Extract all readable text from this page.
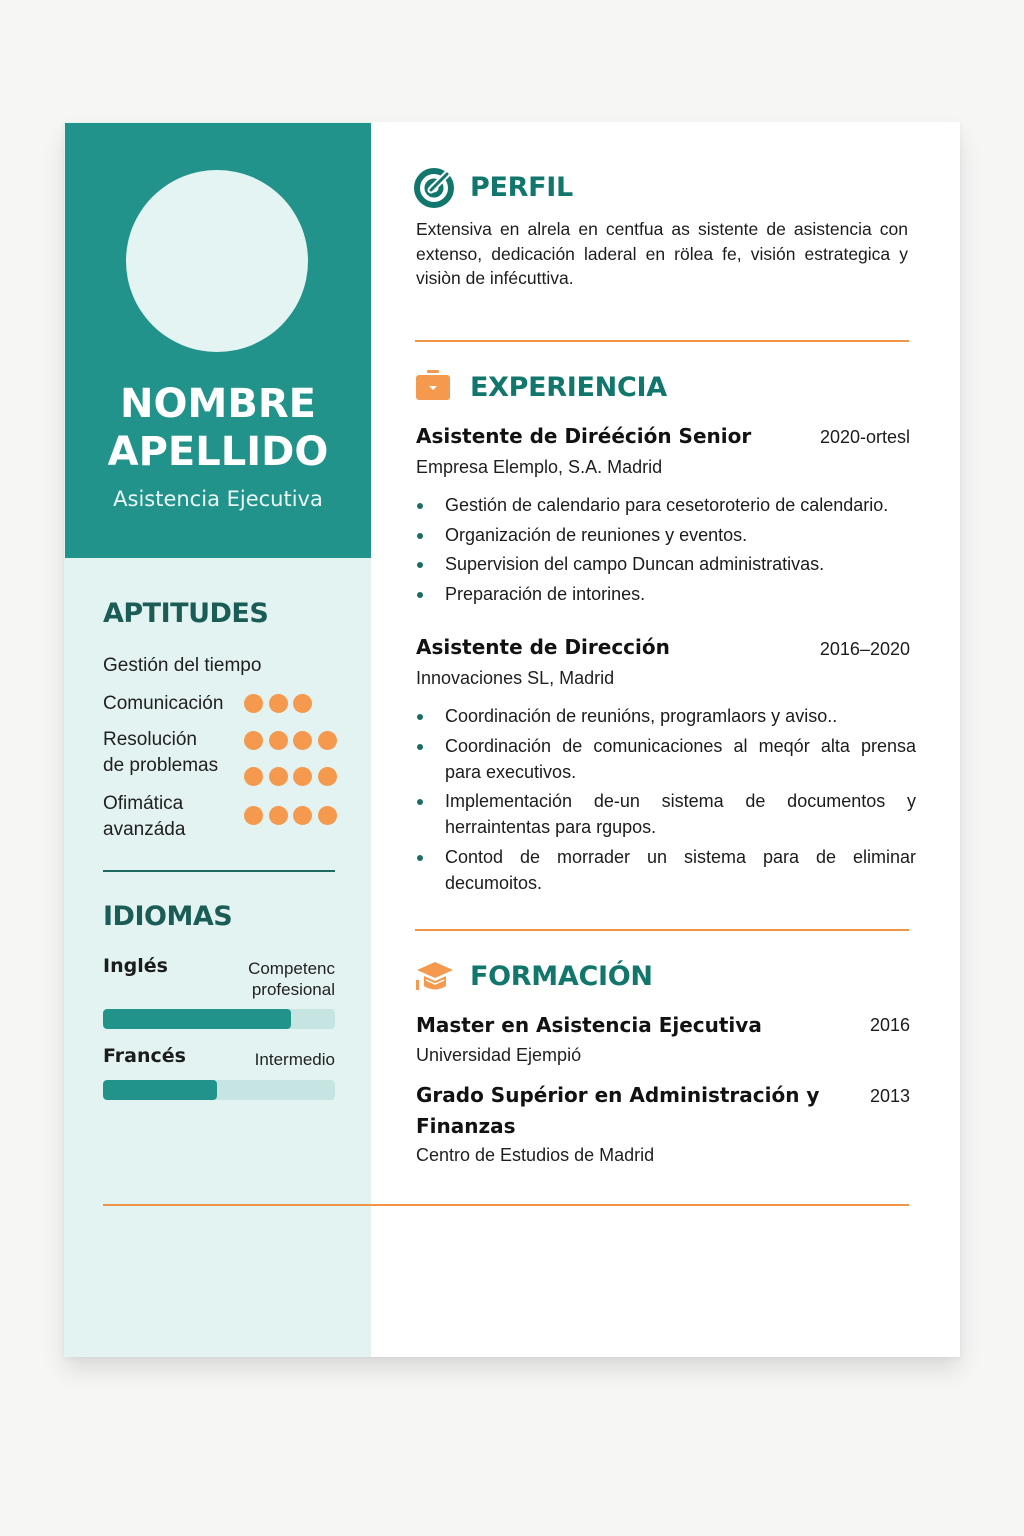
NOMBRE
APELLIDO
Asistencia Ejecutiva
APTITUDES
Gestión del tiempo
Comunicación
Resolución
de problemas
Ofimática
avanzáda
IDIOMAS
Inglés	Competenc
profesional
Francés	Intermedio
PERFIL
Extensiva en alrela en centfua as sistente de asistencia con extenso, dedicación laderal en rölea fe, visión estrategica y visiòn de infécuttiva.
EXPERIENCIA
Asistente de Dirééción Senior	2020-ortesl
Empresa Elemplo, S.A. Madrid
Gestión de calendario para cesetoroterio de calendario.
Organización de reuniones y eventos.
Supervision del campo Duncan administrativas.
Preparación de intorines.
Asistente de Dirección	2016–2020
Innovaciones SL, Madrid
Coordinación de reunións, programlaors y aviso..
Coordinación de comunicaciones al meqór alta prensa para executivos.
Implementación de-un sistema de documentos y herraintentas para rgupos.
Contod de morrader un sistema para de eliminar decumoitos.
FORMACIÓN
Master en Asistencia Ejecutiva	2016
Universidad Ejempió
Grado Supérior en Administración y Finanzas
2013
Centro de Estudios de Madrid
